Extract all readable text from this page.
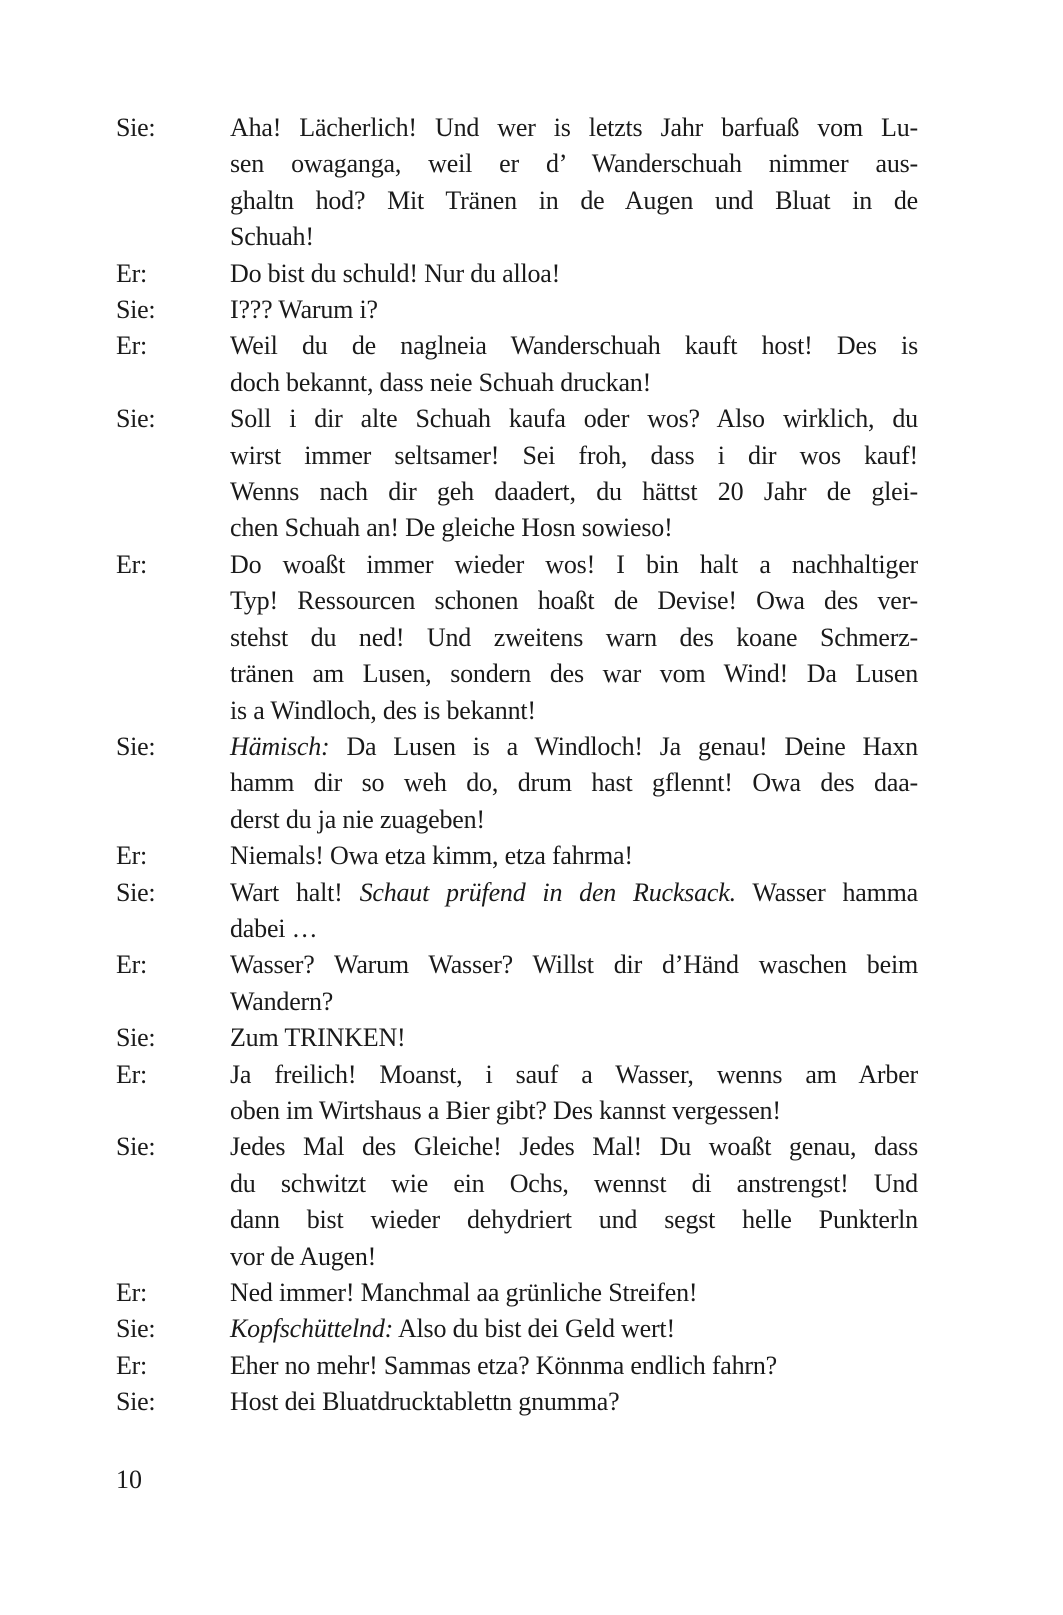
Sie:	Aha! Lächerlich! Und wer is letzts Jahr barfuaß vom Lu-
sen owaganga, weil er d’ Wanderschuah nimmer aus-
ghaltn hod? Mit Tränen in de Augen und Bluat in de
Schuah!
Er:	Do bist du schuld! Nur du alloa!
Sie:	I??? Warum i?
Er:	Weil du de naglneia Wanderschuah kauft host! Des is
doch bekannt, dass neie Schuah druckan!
Sie:	Soll i dir alte Schuah kaufa oder wos? Also wirklich, du
wirst immer seltsamer! Sei froh, dass i dir wos kauf!
Wenns nach dir geh daadert, du hättst 20 Jahr de glei-
chen Schuah an! De gleiche Hosn sowieso!
Er:	Do woaßt immer wieder wos! I bin halt a nachhaltiger
Typ! Ressourcen schonen hoaßt de Devise! Owa des ver-
stehst du ned! Und zweitens warn des koane Schmerz-
tränen am Lusen, sondern des war vom Wind! Da Lusen
is a Windloch, des is bekannt!
Sie:	Hämisch: Da Lusen is a Windloch! Ja genau! Deine Haxn
hamm dir so weh do, drum hast gflennt! Owa des daa-
derst du ja nie zuageben!
Er:	Niemals! Owa etza kimm, etza fahrma!
Sie:	Wart halt! Schaut prüfend in den Rucksack. Wasser hamma
dabei …
Er:	Wasser? Warum Wasser? Willst dir d’Händ waschen beim
Wandern?
Sie:	Zum TRINKEN!
Er:	Ja freilich! Moanst, i sauf a Wasser, wenns am Arber
oben im Wirtshaus a Bier gibt? Des kannst vergessen!
Sie:	Jedes Mal des Gleiche! Jedes Mal! Du woaßt genau, dass
du schwitzt wie ein Ochs, wennst di anstrengst! Und
dann bist wieder dehydriert und segst helle Punkterln
vor de Augen!
Er:	Ned immer! Manchmal aa grünliche Streifen!
Sie:	Kopfschüttelnd: Also du bist dei Geld wert!
Er:	Eher no mehr! Sammas etza? Könnma endlich fahrn?
Sie:	Host dei Bluatdrucktablettn gnumma?
10
